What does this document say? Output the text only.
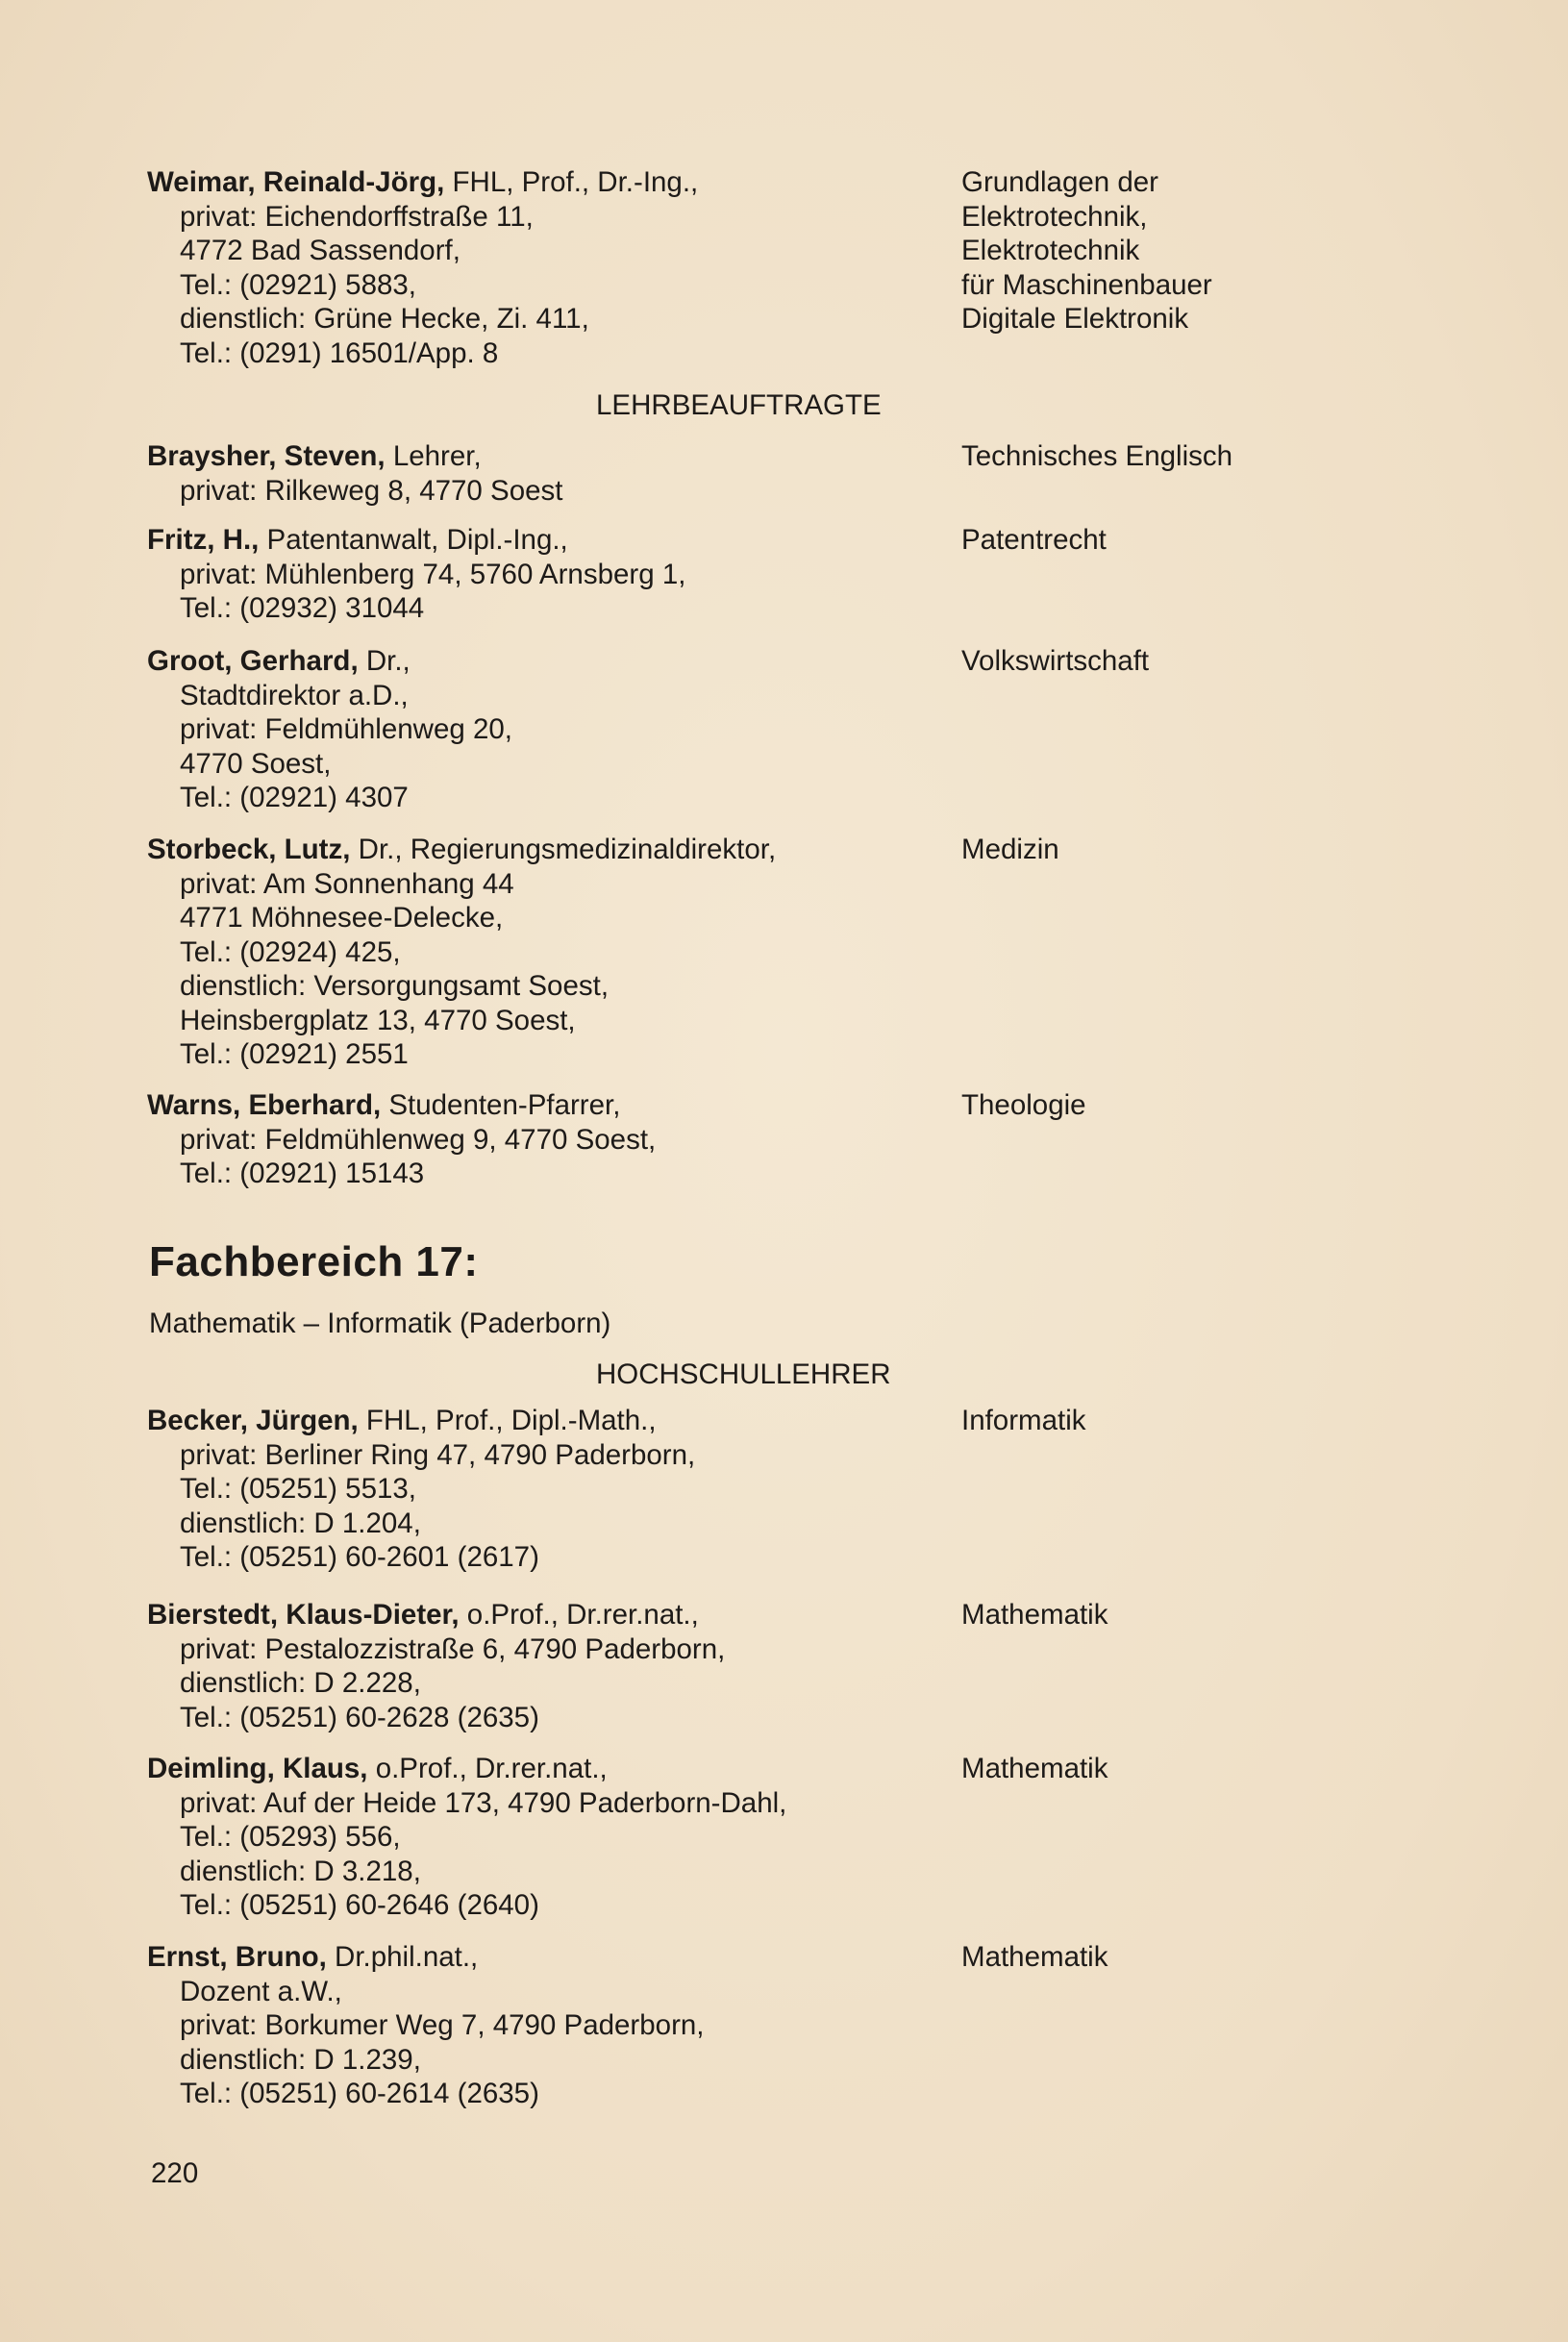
Weimar, Reinald-Jörg, FHL, Prof., Dr.-Ing.,
privat: Eichendorffstraße 11,
4772 Bad Sassendorf,
Tel.: (02921) 5883,
dienstlich: Grüne Hecke, Zi. 411,
Tel.: (0291) 16501/App. 8
Grundlagen der
Elektrotechnik,
Elektrotechnik
für Maschinenbauer
Digitale Elektronik
LEHRBEAUFTRAGTE
Braysher, Steven, Lehrer,
privat: Rilkeweg 8, 4770 Soest
Technisches Englisch
Fritz, H., Patentanwalt, Dipl.-Ing.,
privat: Mühlenberg 74, 5760 Arnsberg 1,
Tel.: (02932) 31044
Patentrecht
Groot, Gerhard, Dr.,
Stadtdirektor a.D.,
privat: Feldmühlenweg 20,
4770 Soest,
Tel.: (02921) 4307
Volkswirtschaft
Storbeck, Lutz, Dr., Regierungsmedizinaldirektor,
privat: Am Sonnenhang 44
4771 Möhnesee-Delecke,
Tel.: (02924) 425,
dienstlich: Versorgungsamt Soest,
Heinsbergplatz 13, 4770 Soest,
Tel.: (02921) 2551
Medizin
Warns, Eberhard, Studenten-Pfarrer,
privat: Feldmühlenweg 9, 4770 Soest,
Tel.: (02921) 15143
Theologie
Fachbereich 17:
Mathematik – Informatik (Paderborn)
HOCHSCHULLEHRER
Becker, Jürgen, FHL, Prof., Dipl.-Math.,
privat: Berliner Ring 47, 4790 Paderborn,
Tel.: (05251) 5513,
dienstlich: D 1.204,
Tel.: (05251) 60-2601 (2617)
Informatik
Bierstedt, Klaus-Dieter, o.Prof., Dr.rer.nat.,
privat: Pestalozzistraße 6, 4790 Paderborn,
dienstlich: D 2.228,
Tel.: (05251) 60-2628 (2635)
Mathematik
Deimling, Klaus, o.Prof., Dr.rer.nat.,
privat: Auf der Heide 173, 4790 Paderborn-Dahl,
Tel.: (05293) 556,
dienstlich: D 3.218,
Tel.: (05251) 60-2646 (2640)
Mathematik
Ernst, Bruno, Dr.phil.nat.,
Dozent a.W.,
privat: Borkumer Weg 7, 4790 Paderborn,
dienstlich: D 1.239,
Tel.: (05251) 60-2614 (2635)
Mathematik
220
